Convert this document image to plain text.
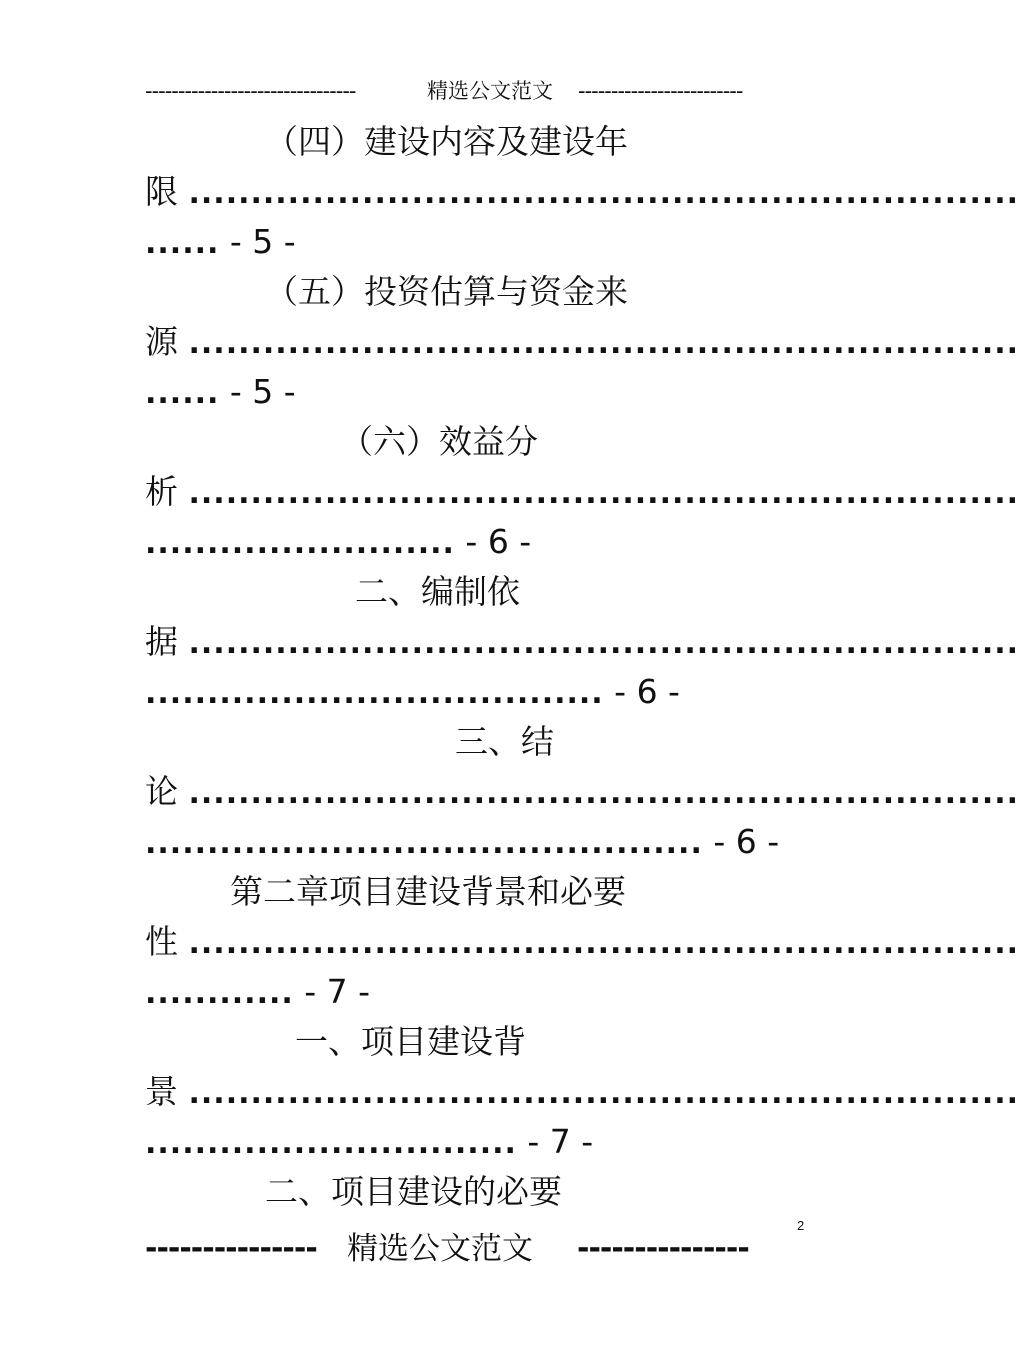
--------------------------------	精选公文范文 -------------------------
（四）建设内容及建设年
限 ...................................................................
...... - 5 -
（五）投资估算与资金来
源 ...................................................................
...... - 5 -
（六）效益分
析 ...................................................................
......................... - 6 -
二、编制依
据 ...................................................................
..................................... - 6 -
三、结
论 ...................................................................
............................................. - 6 -
第二章项目建设背景和必要
性 ...................................................................
............ - 7 -
一、项目建设背
景 ...................................................................
.............................. - 7 -
二、项目建设的必要
2
--------------- 精选公文范文 ---------------
